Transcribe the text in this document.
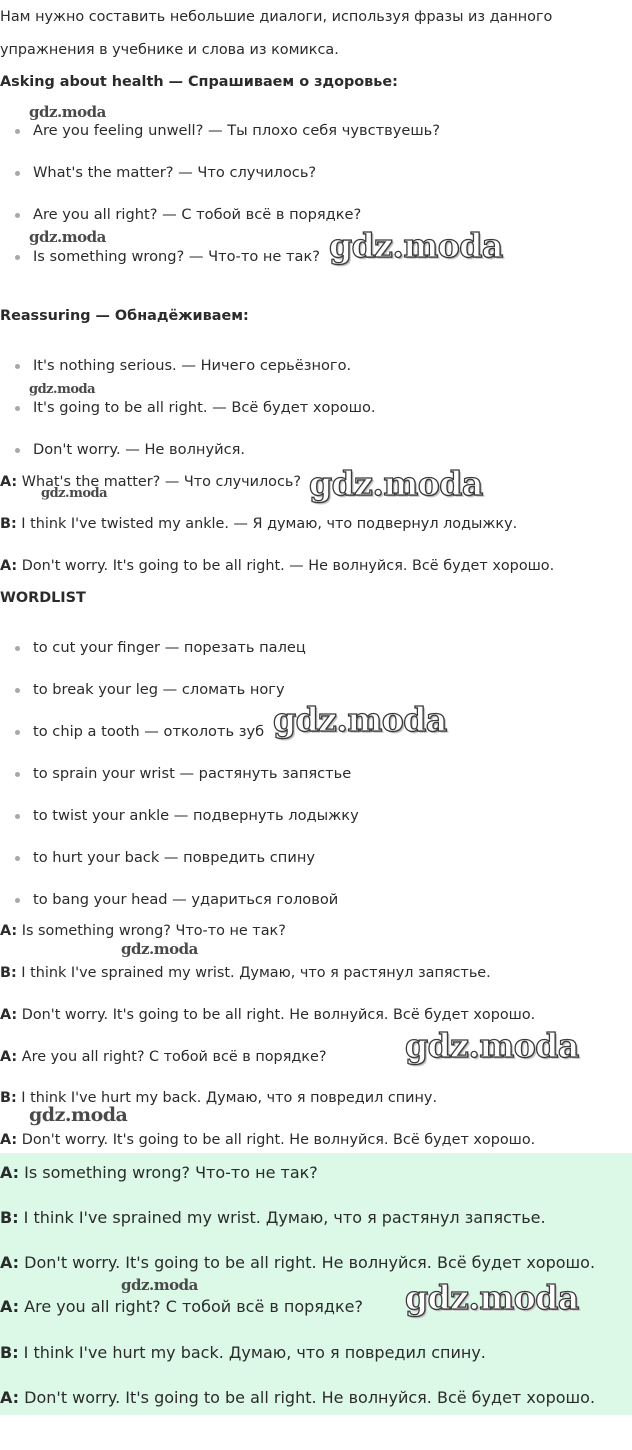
Нам нужно составить небольшие диалоги, используя фразы из данного
упражнения в учебнике и слова из комикса.
Asking about health — Спрашиваем о здоровье:
Are you feeling unwell? — Ты плохо себя чувствуешь?
What's the matter? — Что случилось?
Are you all right? — С тобой всё в порядке?
Is something wrong? — Что-то не так?
Reassuring — Обнадёживаем:
It's nothing serious. — Ничего серьёзного.
It's going to be all right. — Всё будет хорошо.
Don't worry. — Не волнуйся.
A: What's the matter? — Что случилось?
B: I think I've twisted my ankle. — Я думаю, что подвернул лодыжку.
A: Don't worry. It's going to be all right. — Не волнуйся. Всё будет хорошо.
WORDLIST
to cut your finger — порезать палец
to break your leg — сломать ногу
to chip a tooth — отколоть зуб
to sprain your wrist — растянуть запястье
to twist your ankle — подвернуть лодыжку
to hurt your back — повредить спину
to bang your head — удариться головой
A: Is something wrong? Что-то не так?
B: I think I've sprained my wrist. Думаю, что я растянул запястье.
A: Don't worry. It's going to be all right. Не волнуйся. Всё будет хорошо.
A: Are you all right? С тобой всё в порядке?
B: I think I've hurt my back. Думаю, что я повредил спину.
A: Don't worry. It's going to be all right. Не волнуйся. Всё будет хорошо.
A: Is something wrong? Что-то не так?
B: I think I've sprained my wrist. Думаю, что я растянул запястье.
A: Don't worry. It's going to be all right. Не волнуйся. Всё будет хорошо.
A: Are you all right? С тобой всё в порядке?
B: I think I've hurt my back. Думаю, что я повредил спину.
A: Don't worry. It's going to be all right. Не волнуйся. Всё будет хорошо.
gdz.moda
gdz.moda	gdz.moda
gdz.moda
gdz.moda
gdz.moda
gdz.moda
gdz.moda
gdz.moda
gdz.moda
gdz.moda	gdz.moda
